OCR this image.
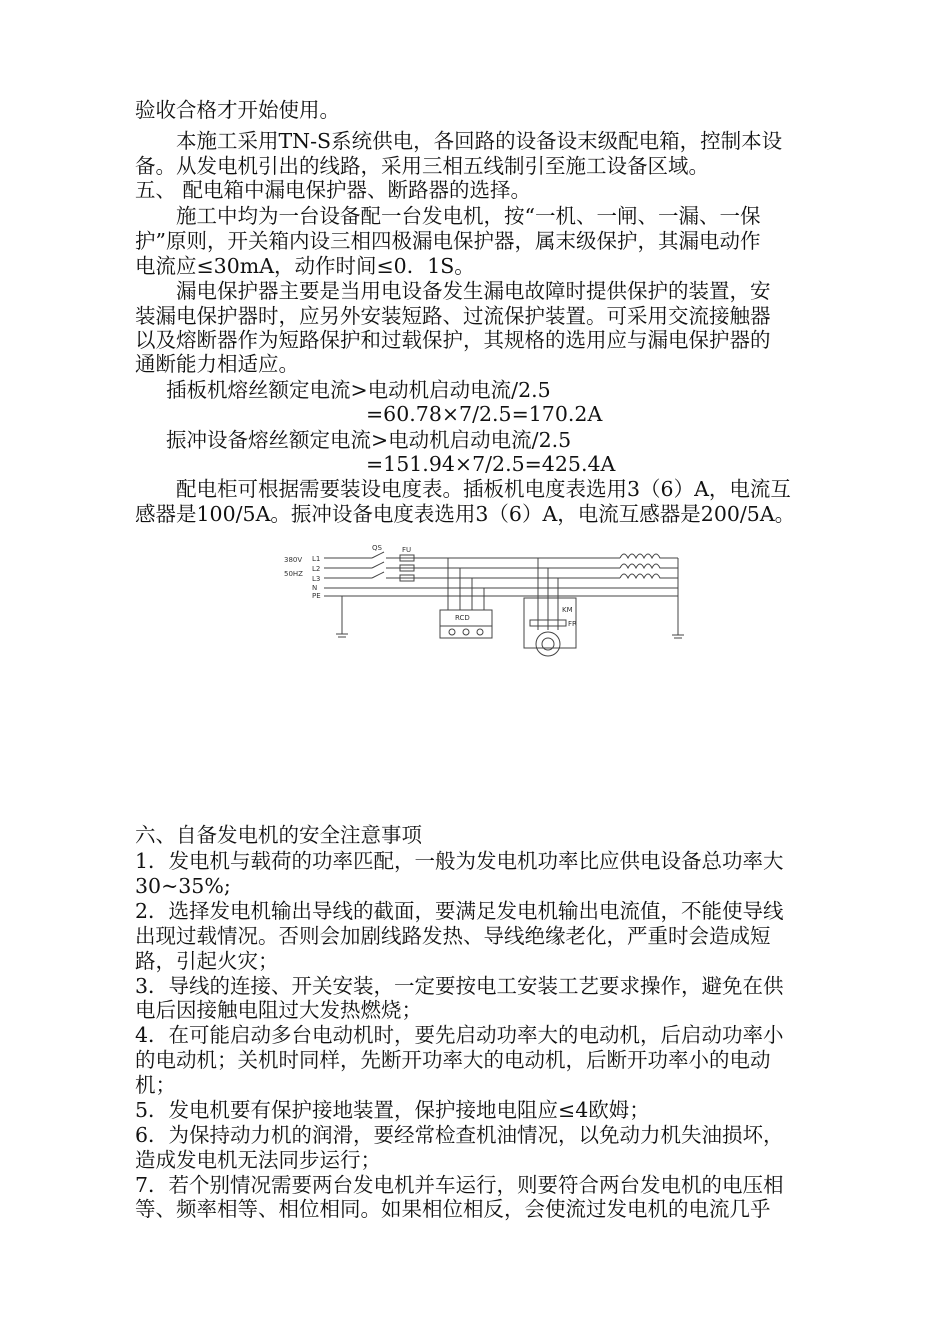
验收合格才开始使用。
本施工采用TN-S系统供电，各回路的设备设末级配电箱，控制本设
备。从发电机引出的线路，采用三相五线制引至施工设备区域。
五、 配电箱中漏电保护器、断路器的选择。
施工中均为一台设备配一台发电机，按“一机、一闸、一漏、一保
护”原则，开关箱内设三相四极漏电保护器，属末级保护，其漏电动作
电流应≤30mA，动作时间≤0．1S。
漏电保护器主要是当用电设备发生漏电故障时提供保护的装置，安
装漏电保护器时，应另外安装短路、过流保护装置。可采用交流接触器
以及熔断器作为短路保护和过载保护，其规格的选用应与漏电保护器的
通断能力相适应。
插板机熔丝额定电流>电动机启动电流/2.5
=60.78×7/2.5=170.2A
振冲设备熔丝额定电流>电动机启动电流/2.5
=151.94×7/2.5=425.4A
配电柜可根据需要装设电度表。插板机电度表选用3（6）A，电流互
感器是100/5A。振冲设备电度表选用3（6）A，电流互感器是200/5A。
380V
50HZ
L1
L2
L3
N
PE
QS	FU
RCD
KM
FR
六、自备发电机的安全注意事项
1．发电机与载荷的功率匹配，一般为发电机功率比应供电设备总功率大
30~35%;
2．选择发电机输出导线的截面，要满足发电机输出电流值，不能使导线
出现过载情况。否则会加剧线路发热、导线绝缘老化，严重时会造成短
路，引起火灾；
3．导线的连接、开关安装，一定要按电工安装工艺要求操作，避免在供
电后因接触电阻过大发热燃烧；
4．在可能启动多台电动机时，要先启动功率大的电动机，后启动功率小
的电动机；关机时同样，先断开功率大的电动机，后断开功率小的电动
机；
5．发电机要有保护接地装置，保护接地电阻应≤4欧姆；
6．为保持动力机的润滑，要经常检查机油情况，以免动力机失油损坏，
造成发电机无法同步运行；
7．若个别情况需要两台发电机并车运行，则要符合两台发电机的电压相
等、频率相等、相位相同。如果相位相反，会使流过发电机的电流几乎
